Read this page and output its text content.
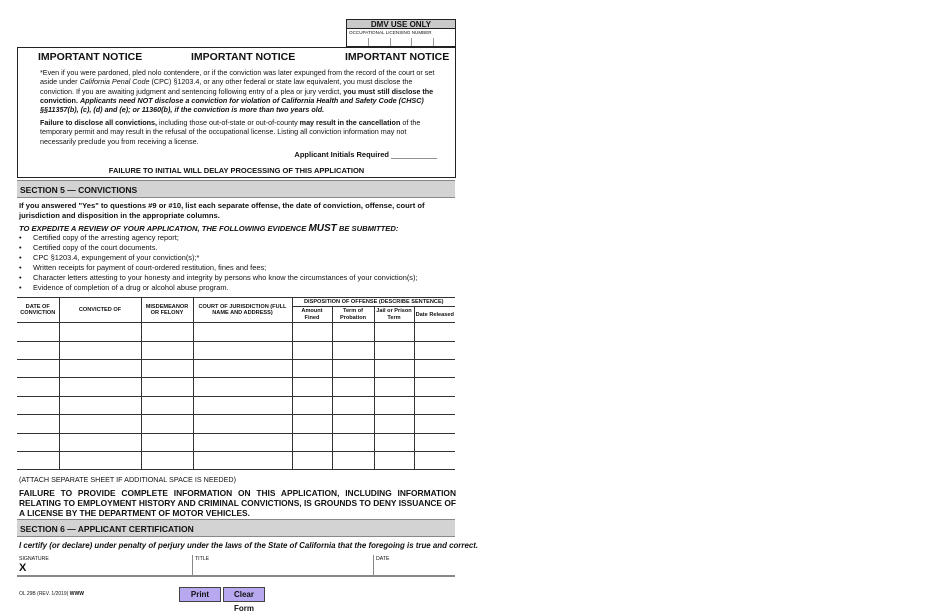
DMV USE ONLY
OCCUPATIONAL LICENSING NUMBER
IMPORTANT NOTICE	IMPORTANT NOTICE	IMPORTANT NOTICE
*Even if you were pardoned, pled nolo contendere, or if the conviction was later expunged from the record of the court or set aside under California Penal Code (CPC) §1203.4, or any other federal or state law equivalent, you must disclose the conviction. If you are awaiting judgment and sentencing following entry of a plea or jury verdict, you must still disclose the conviction. Applicants need NOT disclose a conviction for violation of California Health and Safety Code (CHSC) §§11357(b), (c), (d) and (e); or 11360(b), if the conviction is more than two years old.
Failure to disclose all convictions, including those out-of-state or out-of-county may result in the cancellation of the temporary permit and may result in the refusal of the occupational license. Listing all conviction information may not necessarily preclude you from receiving a license.
Applicant Initials Required ___________
FAILURE TO INITIAL WILL DELAY PROCESSING OF THIS APPLICATION
SECTION 5 — CONVICTIONS
If you answered "Yes" to questions #9 or #10, list each separate offense, the date of conviction, offense, court of jurisdiction and disposition in the appropriate columns.
TO EXPEDITE A REVIEW OF YOUR APPLICATION, THE FOLLOWING EVIDENCE MUST BE SUBMITTED:
• Certified copy of the arresting agency report;
• Certified copy of the court documents.
• CPC §1203.4, expungement of your conviction(s);*
• Written receipts for payment of court-ordered restitution, fines and fees;
• Character letters attesting to your honesty and integrity by persons who know the circumstances of your conviction(s);
• Evidence of completion of a drug or alcohol abuse program.
DATE OF CONVICTION	CONVICTED OF	MISDEMEANOR OR FELONY	COURT OF JURISDICTION (FULL NAME AND ADDRESS)	DISPOSITION OF OFFENSE (DESCRIBE SENTENCE)			
				Amount Fined	Term of Probation	Jail or Prison Term	Date Released

(ATTACH SEPARATE SHEET IF ADDITIONAL SPACE IS NEEDED)
FAILURE TO PROVIDE COMPLETE INFORMATION ON THIS APPLICATION, INCLUDING INFORMATION RELATING TO EMPLOYMENT HISTORY AND CRIMINAL CONVICTIONS, IS GROUNDS TO DENY ISSUANCE OF A LICENSE BY THE DEPARTMENT OF MOTOR VEHICLES.
SECTION 6 — APPLICANT CERTIFICATION
I certify (or declare) under penalty of perjury under the laws of the State of California that the foregoing is true and correct.
SIGNATURE
X
TITLE	DATE
OL 29B (REV. 1/2019) WWW	Print	Clear Form
